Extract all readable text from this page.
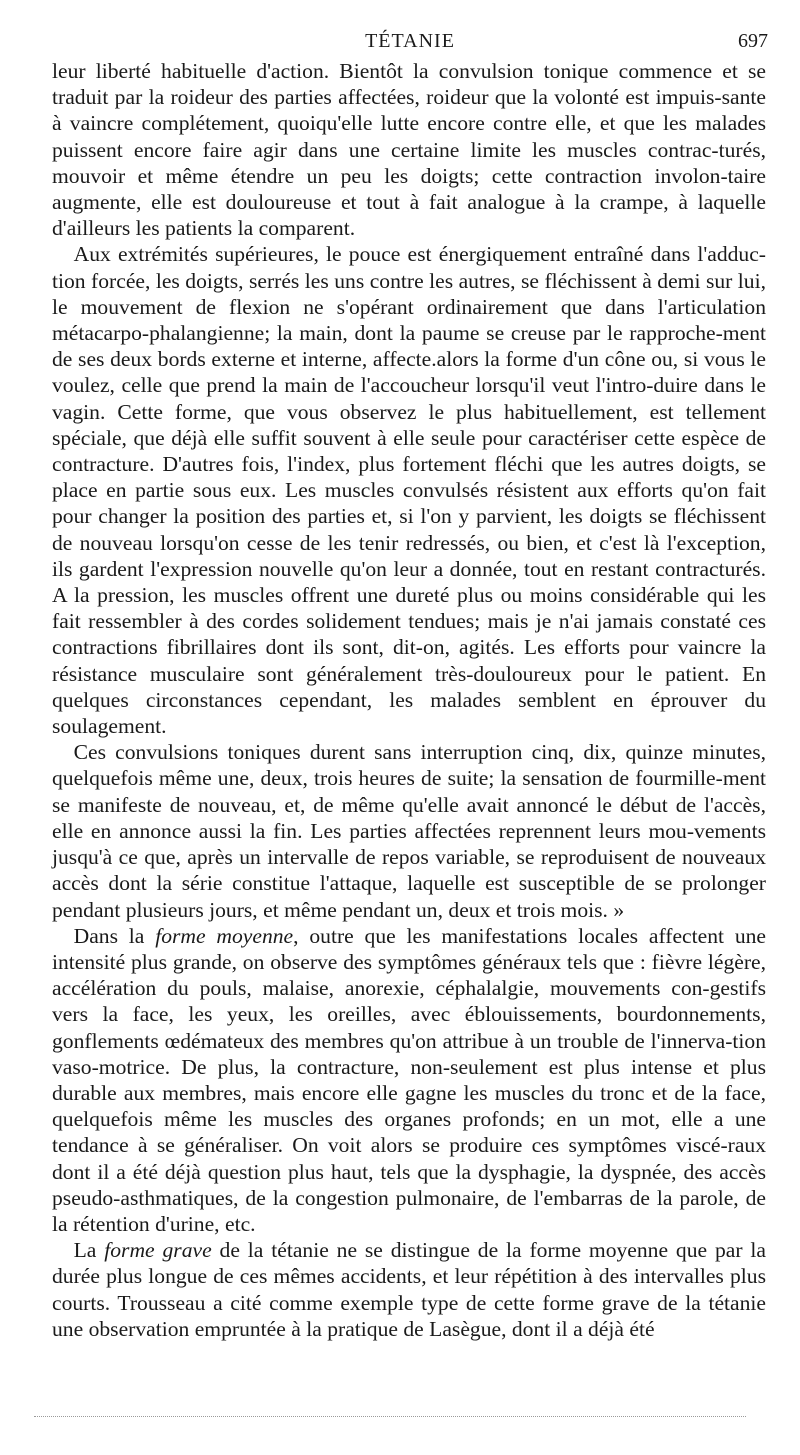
TÉTANIE	697

leur liberté habituelle d'action. Bientôt la convulsion tonique commence et se traduit par la roideur des parties affectées, roideur que la volonté est impuis-sante à vaincre complétement, quoiqu'elle lutte encore contre elle, et que les malades puissent encore faire agir dans une certaine limite les muscles contrac-turés, mouvoir et même étendre un peu les doigts; cette contraction involon-taire augmente, elle est douloureuse et tout à fait analogue à la crampe, à laquelle d'ailleurs les patients la comparent.

Aux extrémités supérieures, le pouce est énergiquement entraîné dans l'adduc-tion forcée, les doigts, serrés les uns contre les autres, se fléchissent à demi sur lui, le mouvement de flexion ne s'opérant ordinairement que dans l'articulation métacarpo-phalangienne; la main, dont la paume se creuse par le rapproche-ment de ses deux bords externe et interne, affecte.alors la forme d'un cône ou, si vous le voulez, celle que prend la main de l'accoucheur lorsqu'il veut l'intro-duire dans le vagin. Cette forme, que vous observez le plus habituellement, est tellement spéciale, que déjà elle suffit souvent à elle seule pour caractériser cette espèce de contracture. D'autres fois, l'index, plus fortement fléchi que les autres doigts, se place en partie sous eux. Les muscles convulsés résistent aux efforts qu'on fait pour changer la position des parties et, si l'on y parvient, les doigts se fléchissent de nouveau lorsqu'on cesse de les tenir redressés, ou bien, et c'est là l'exception, ils gardent l'expression nouvelle qu'on leur a donnée, tout en restant contracturés. A la pression, les muscles offrent une dureté plus ou moins considérable qui les fait ressembler à des cordes solidement tendues; mais je n'ai jamais constaté ces contractions fibrillaires dont ils sont, dit-on, agités. Les efforts pour vaincre la résistance musculaire sont généralement très-douloureux pour le patient. En quelques circonstances cependant, les malades semblent en éprouver du soulagement.

Ces convulsions toniques durent sans interruption cinq, dix, quinze minutes, quelquefois même une, deux, trois heures de suite; la sensation de fourmille-ment se manifeste de nouveau, et, de même qu'elle avait annoncé le début de l'accès, elle en annonce aussi la fin. Les parties affectées reprennent leurs mou-vements jusqu'à ce que, après un intervalle de repos variable, se reproduisent de nouveaux accès dont la série constitue l'attaque, laquelle est susceptible de se prolonger pendant plusieurs jours, et même pendant un, deux et trois mois. »

Dans la forme moyenne, outre que les manifestations locales affectent une intensité plus grande, on observe des symptômes généraux tels que : fièvre légère, accélération du pouls, malaise, anorexie, céphalalgie, mouvements con-gestifs vers la face, les yeux, les oreilles, avec éblouissements, bourdonnements, gonflements œdémateux des membres qu'on attribue à un trouble de l'innerva-tion vaso-motrice. De plus, la contracture, non-seulement est plus intense et plus durable aux membres, mais encore elle gagne les muscles du tronc et de la face, quelquefois même les muscles des organes profonds; en un mot, elle a une tendance à se généraliser. On voit alors se produire ces symptômes viscé-raux dont il a été déjà question plus haut, tels que la dysphagie, la dyspnée, des accès pseudo-asthmatiques, de la congestion pulmonaire, de l'embarras de la parole, de la rétention d'urine, etc.

La forme grave de la tétanie ne se distingue de la forme moyenne que par la durée plus longue de ces mêmes accidents, et leur répétition à des intervalles plus courts. Trousseau a cité comme exemple type de cette forme grave de la tétanie une observation empruntée à la pratique de Lasègue, dont il a déjà été
